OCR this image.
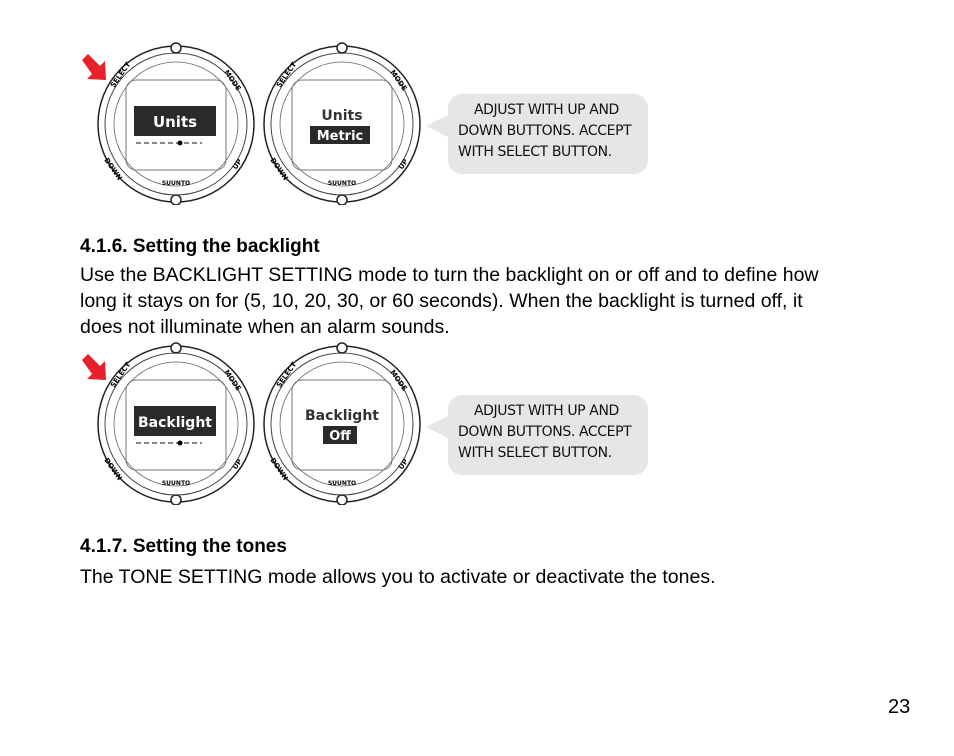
Units
SELECT	MODE
DOWN	UP
SUUNTO
Units
Metric
SELECT	MODE
DOWN	UP
SUUNTO
ADJUST WITH UP AND
DOWN BUTTONS. ACCEPT
WITH SELECT BUTTON.
4.1.6. Setting the backlight
Use the BACKLIGHT SETTING mode to turn the backlight on or off and to define how
long it stays on for (5, 10, 20, 30, or 60 seconds). When the backlight is turned off, it
does not illuminate when an alarm sounds.
Backlight
SELECT	MODE
DOWN	UP
SUUNTO
Backlight
Off
SELECT	MODE
DOWN	UP
SUUNTO
ADJUST WITH UP AND
DOWN BUTTONS. ACCEPT
WITH SELECT BUTTON.
4.1.7. Setting the tones
The TONE SETTING mode allows you to activate or deactivate the tones.
23
